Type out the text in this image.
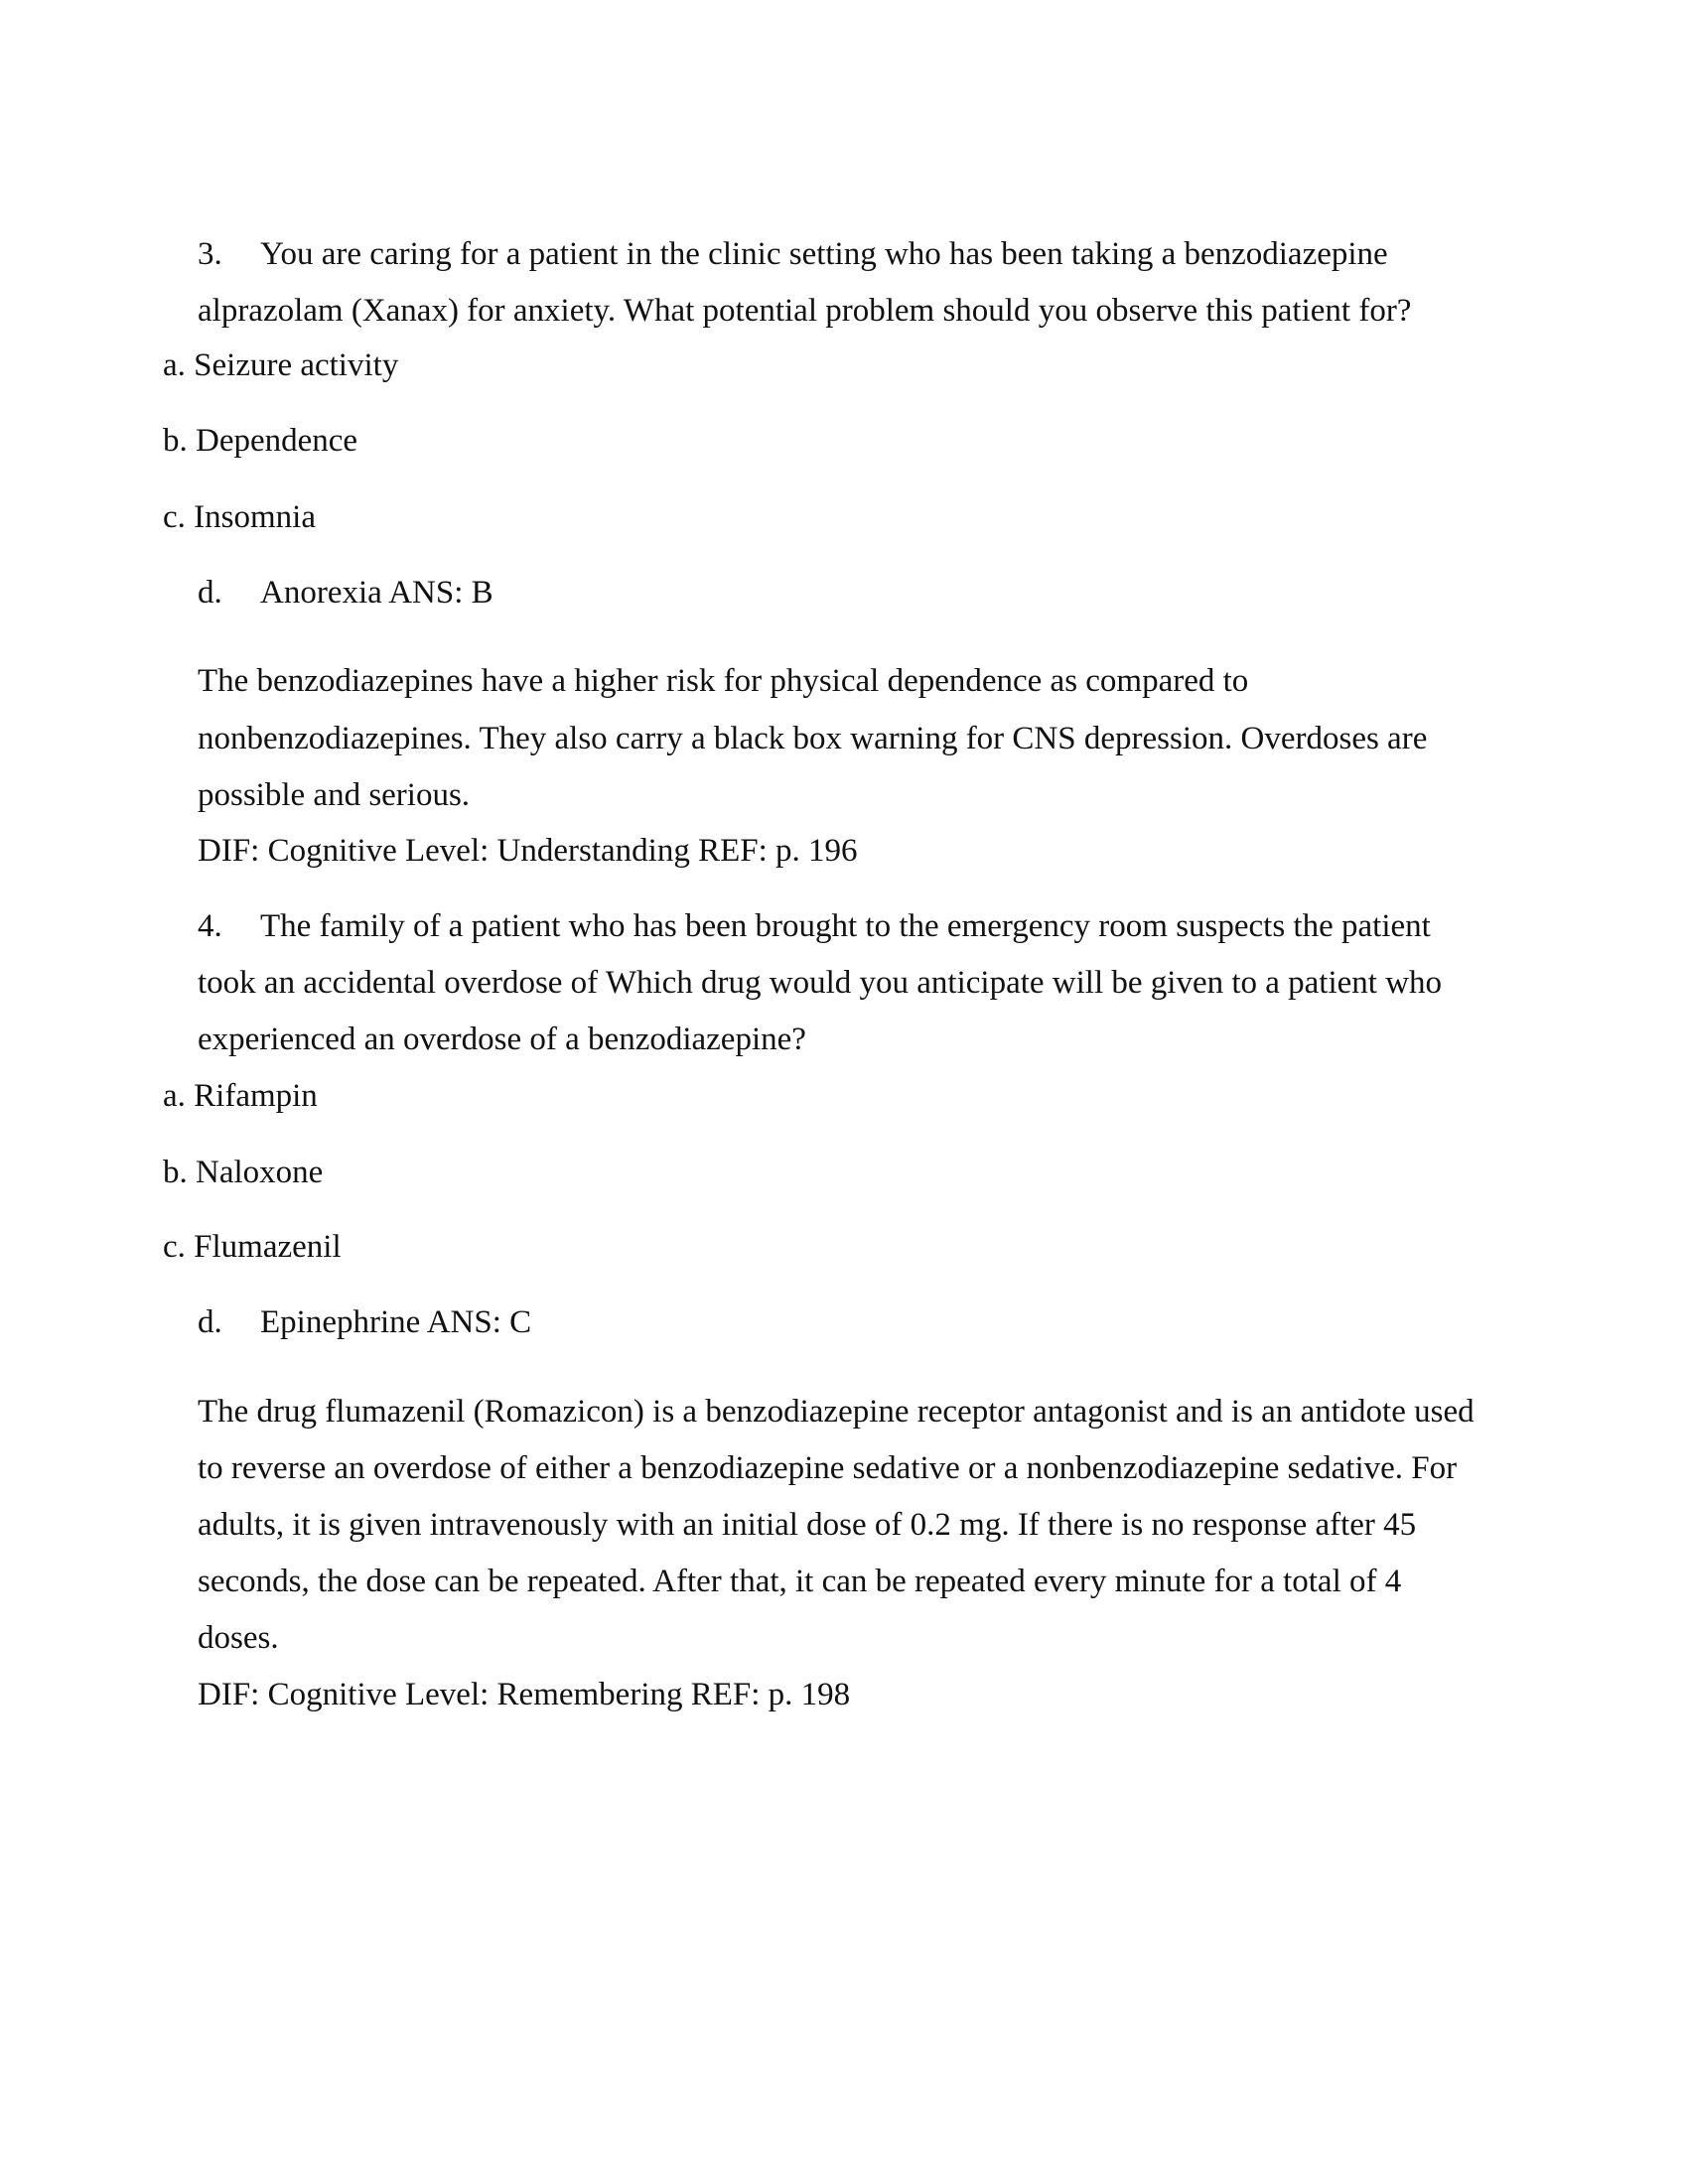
3. You are caring for a patient in the clinic setting who has been taking a benzodiazepine
alprazolam (Xanax) for anxiety. What potential problem should you observe this patient for?
a. Seizure activity
b. Dependence
c. Insomnia
d. Anorexia ANS: B
The benzodiazepines have a higher risk for physical dependence as compared to
nonbenzodiazepines. They also carry a black box warning for CNS depression. Overdoses are
possible and serious.
DIF: Cognitive Level: Understanding REF: p. 196
4. The family of a patient who has been brought to the emergency room suspects the patient
took an accidental overdose of Which drug would you anticipate will be given to a patient who
experienced an overdose of a benzodiazepine?
a. Rifampin
b. Naloxone
c. Flumazenil
d. Epinephrine ANS: C
The drug flumazenil (Romazicon) is a benzodiazepine receptor antagonist and is an antidote used
to reverse an overdose of either a benzodiazepine sedative or a nonbenzodiazepine sedative. For
adults, it is given intravenously with an initial dose of 0.2 mg. If there is no response after 45
seconds, the dose can be repeated. After that, it can be repeated every minute for a total of 4
doses.
DIF: Cognitive Level: Remembering REF: p. 198
